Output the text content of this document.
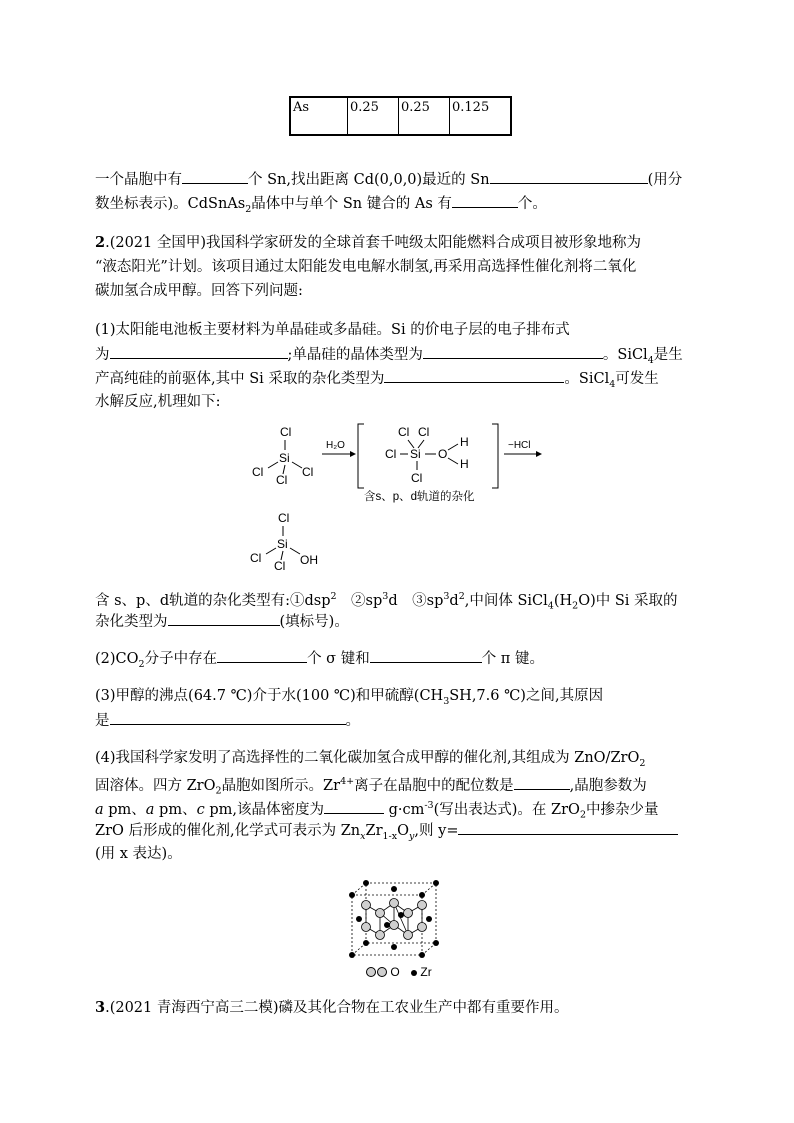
As	0.25	0.25	0.125
一个晶胞中有	个 Sn,找出距离 Cd(0,0,0)最近的 Sn	(用分
数坐标表示)。CdSnAs$_2$晶体中与单个 Sn 键合的 As 有	个。
2.(2021 全国甲)我国科学家研发的全球首套千吨级太阳能燃料合成项目被形象地称为
“液态阳光”计划。该项目通过太阳能发电电解水制氢,再采用高选择性催化剂将二氧化
碳加氢合成甲醇。回答下列问题:
(1)太阳能电池板主要材料为单晶硅或多晶硅。Si 的价电子层的电子排布式
为	;单晶硅的晶体类型为	。SiCl$_4$是生
产高纯硅的前驱体,其中 Si 采取的杂化类型为	。SiCl$_4$可发生
水解反应,机理如下:
Cl
Si
Cl	Cl
Cl
H₂O
Cl Cl
Cl Si O
H
H
Cl
含s、p、d轨道的杂化
−HCl
Cl
Si
Cl	OH
Cl
含 s、p、d轨道的杂化类型有:①dsp$^2$　$②sp^3d$　$③sp^3d^2$,中间体 $SiCl_4(H_2O)$中 Si 采取的
杂化类型为	(填标号)。
$(2)CO_2$分子中存在	个 σ 键和	个 π 键。
(3)甲醇的沸点(64.7 ℃)介于水(100 ℃)和甲硫醇($CH_3SH,7.6$ ℃)之间,其原因
是	。
(4)我国科学家发明了高选择性的二氧化碳加氢合成甲醇的催化剂,其组成为 ZnO/ZrO$_2$
固溶体。四方 ZrO$_2$晶胞如图所示。$Zr^{4+}$离子在晶胞中的配位数是	,晶胞参数为
a pm、a pm、c pm,该晶体密度为	$g\cdot cm^{-3}$(写出表达式)。在 ZrO$_2$中掺杂少量
ZrO 后形成的催化剂,化学式可表示为 $Zn_xZr_{1-x}O_y$,则 y=
(用 x 表达)。
O Zr
3.(2021 青海西宁高三二模)磷及其化合物在工农业生产中都有重要作用。
